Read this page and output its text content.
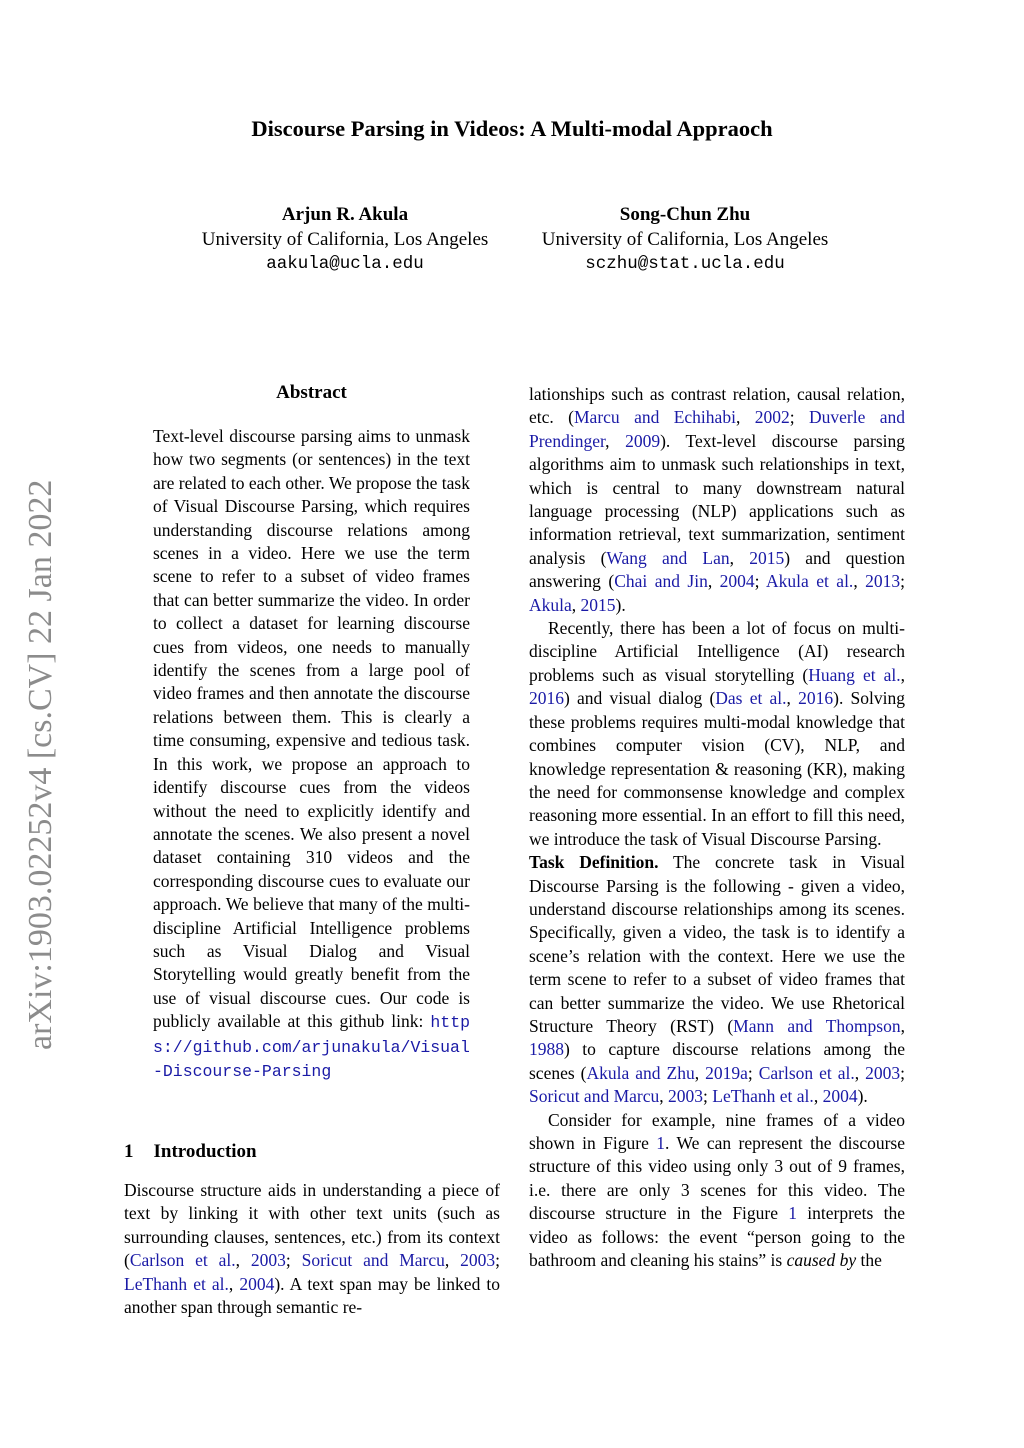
Discourse Parsing in Videos: A Multi-modal Appraoch
Arjun R. Akula
University of California, Los Angeles
aakula@ucla.edu
Song-Chun Zhu
University of California, Los Angeles
sczhu@stat.ucla.edu
arXiv:1903.02252v4 [cs.CV] 22 Jan 2022
Abstract

Text-level discourse parsing aims to unmask how two segments (or sentences) in the text are related to each other. We propose the task of Visual Discourse Parsing, which requires understanding discourse relations among scenes in a video. Here we use the term scene to refer to a subset of video frames that can better summarize the video. In order to collect a dataset for learning discourse cues from videos, one needs to manually identify the scenes from a large pool of video frames and then annotate the discourse relations between them. This is clearly a time consuming, expensive and tedious task. In this work, we propose an approach to identify discourse cues from the videos without the need to explicitly identify and annotate the scenes. We also present a novel dataset containing 310 videos and the corresponding discourse cues to evaluate our approach. We believe that many of the multi-discipline Artificial Intelligence problems such as Visual Dialog and Visual Storytelling would greatly benefit from the use of visual discourse cues. Our code is publicly available at this github link: https://github.com/arjunakula/Visual-Discourse-Parsing

1 Introduction

Discourse structure aids in understanding a piece of text by linking it with other text units (such as surrounding clauses, sentences, etc.) from its context (Carlson et al., 2003; Soricut and Marcu, 2003; LeThanh et al., 2004). A text span may be linked to another span through semantic re-

lationships such as contrast relation, causal relation, etc. (Marcu and Echihabi, 2002; Duverle and Prendinger, 2009). Text-level discourse parsing algorithms aim to unmask such relationships in text, which is central to many downstream natural language processing (NLP) applications such as information retrieval, text summarization, sentiment analysis (Wang and Lan, 2015) and question answering (Chai and Jin, 2004; Akula et al., 2013; Akula, 2015).

Recently, there has been a lot of focus on multi-discipline Artificial Intelligence (AI) research problems such as visual storytelling (Huang et al., 2016) and visual dialog (Das et al., 2016). Solving these problems requires multi-modal knowledge that combines computer vision (CV), NLP, and knowledge representation & reasoning (KR), making the need for commonsense knowledge and complex reasoning more essential. In an effort to fill this need, we introduce the task of Visual Discourse Parsing.

Task Definition. The concrete task in Visual Discourse Parsing is the following - given a video, understand discourse relationships among its scenes. Specifically, given a video, the task is to identify a scene’s relation with the context. Here we use the term scene to refer to a subset of video frames that can better summarize the video. We use Rhetorical Structure Theory (RST) (Mann and Thompson, 1988) to capture discourse relations among the scenes (Akula and Zhu, 2019a; Carlson et al., 2003; Soricut and Marcu, 2003; LeThanh et al., 2004).

Consider for example, nine frames of a video shown in Figure 1. We can represent the discourse structure of this video using only 3 out of 9 frames, i.e. there are only 3 scenes for this video. The discourse structure in the Figure 1 interprets the video as follows: the event “person going to the bathroom and cleaning his stains” is caused by the
